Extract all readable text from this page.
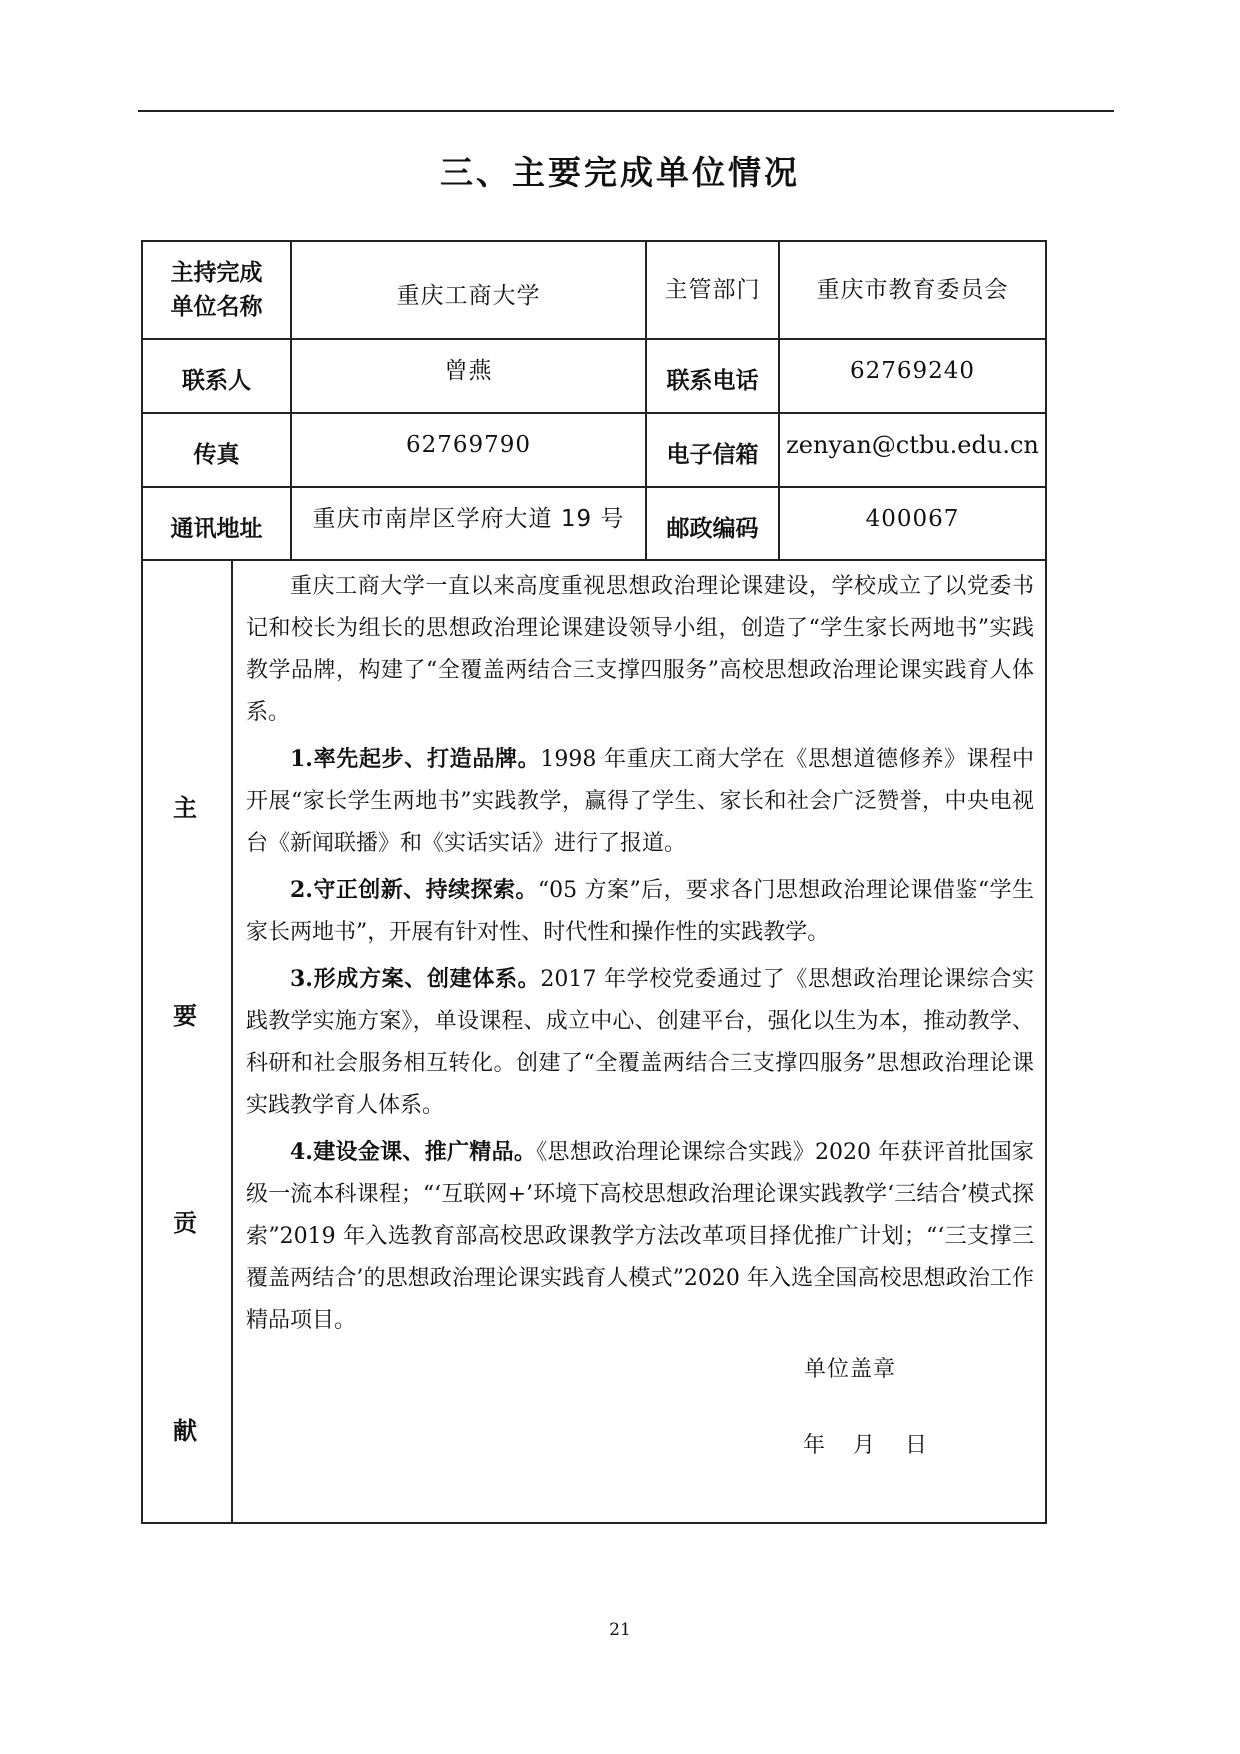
三、主要完成单位情况
主持完成
单位名称	重庆工商大学	主管部门	重庆市教育委员会
联系人	曾燕	联系电话	62769240
传真	62769790	电子信箱	zenyan@ctbu.edu.cn
通讯地址	重庆市南岸区学府大道 19 号	邮政编码	400067
主
要
贡
献

重庆工商大学一直以来高度重视思想政治理论课建设，学校成立了以党委书记和校长为组长的思想政治理论课建设领导小组，创造了“学生家长两地书”实践教学品牌，构建了“全覆盖两结合三支撑四服务”高校思想政治理论课实践育人体系。

1.率先起步、打造品牌。1998 年重庆工商大学在《思想道德修养》课程中开展“家长学生两地书”实践教学，赢得了学生、家长和社会广泛赞誉，中央电视台《新闻联播》和《实话实话》进行了报道。

2.守正创新、持续探索。“05 方案”后，要求各门思想政治理论课借鉴“学生家长两地书”，开展有针对性、时代性和操作性的实践教学。

3.形成方案、创建体系。2017 年学校党委通过了《思想政治理论课综合实践教学实施方案》，单设课程、成立中心、创建平台，强化以生为本，推动教学、科研和社会服务相互转化。创建了“全覆盖两结合三支撑四服务”思想政治理论课实践教学育人体系。

4.建设金课、推广精品。《思想政治理论课综合实践》2020 年获评首批国家级一流本科课程；“‘互联网+’环境下高校思想政治理论课实践教学‘三结合’模式探索”2019 年入选教育部高校思政课教学方法改革项目择优推广计划；“‘三支撑三覆盖两结合’的思想政治理论课实践育人模式”2020 年入选全国高校思想政治工作精品项目。

单位盖章
年	月	日
21
